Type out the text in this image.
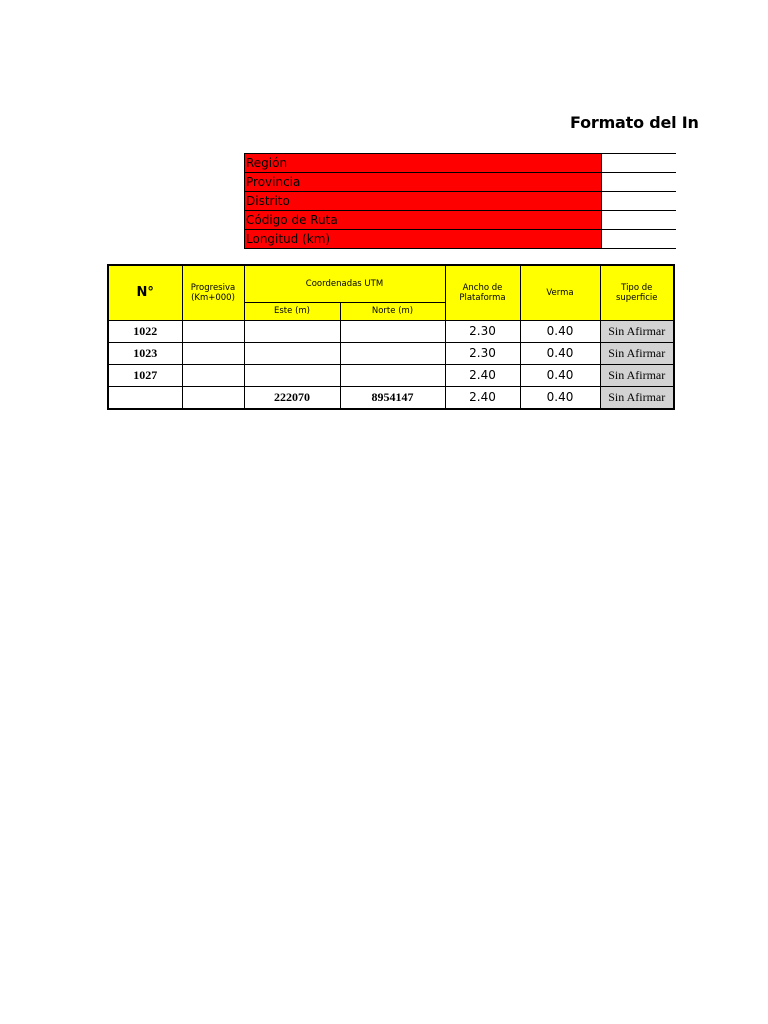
Formato del In
Región	
Provincia	
Distrito	
Código de Ruta	
Longitud (km)	
N°	Progresiva (Km+000)	Coordenadas UTM		Ancho de Plataforma	Verma	Tipo de superficie
		Este (m)	Norte (m)			
1022				2.30	0.40	Sin Afirmar
1023				2.30	0.40	Sin Afirmar
1027				2.40	0.40	Sin Afirmar
		222070	8954147	2.40	0.40	Sin Afirmar
